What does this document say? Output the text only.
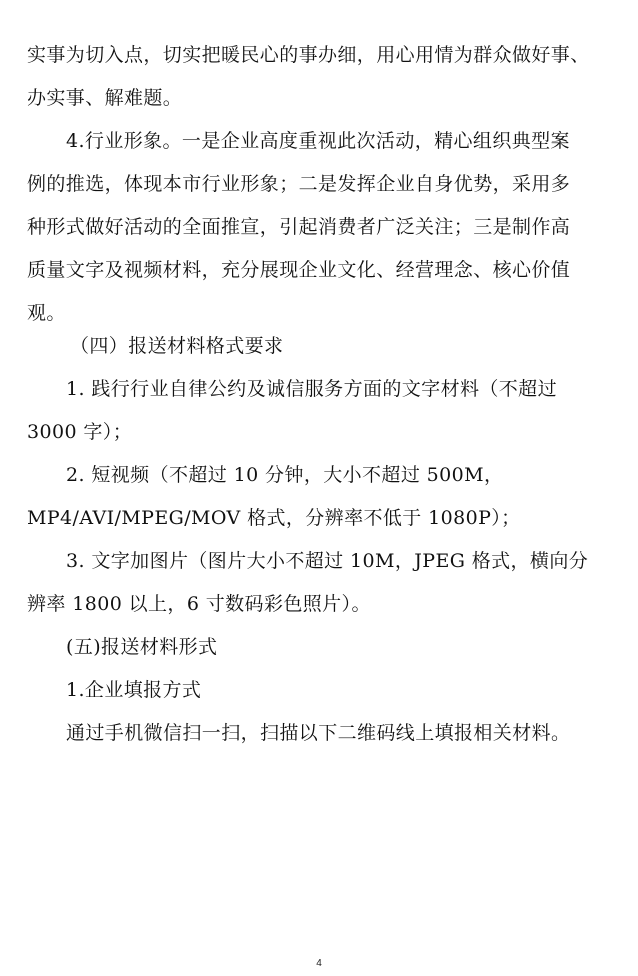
实事为切入点，切实把暖民心的事办细，用心用情为群众做好事、
办实事、解难题。
4.行业形象。一是企业高度重视此次活动，精心组织典型案
例的推选，体现本市行业形象；二是发挥企业自身优势，采用多
种形式做好活动的全面推宣，引起消费者广泛关注；三是制作高
质量文字及视频材料，充分展现企业文化、经营理念、核心价值
观。
（四）报送材料格式要求
1. 践行行业自律公约及诚信服务方面的文字材料（不超过
3000 字）；
2. 短视频（不超过 10 分钟，大小不超过 500M，
MP4/AVI/MPEG/MOV 格式，分辨率不低于 1080P）；
3. 文字加图片（图片大小不超过 10M，JPEG 格式，横向分
辨率 1800 以上，6 寸数码彩色照片）。
(五)报送材料形式
1.企业填报方式
通过手机微信扫一扫，扫描以下二维码线上填报相关材料。
4
